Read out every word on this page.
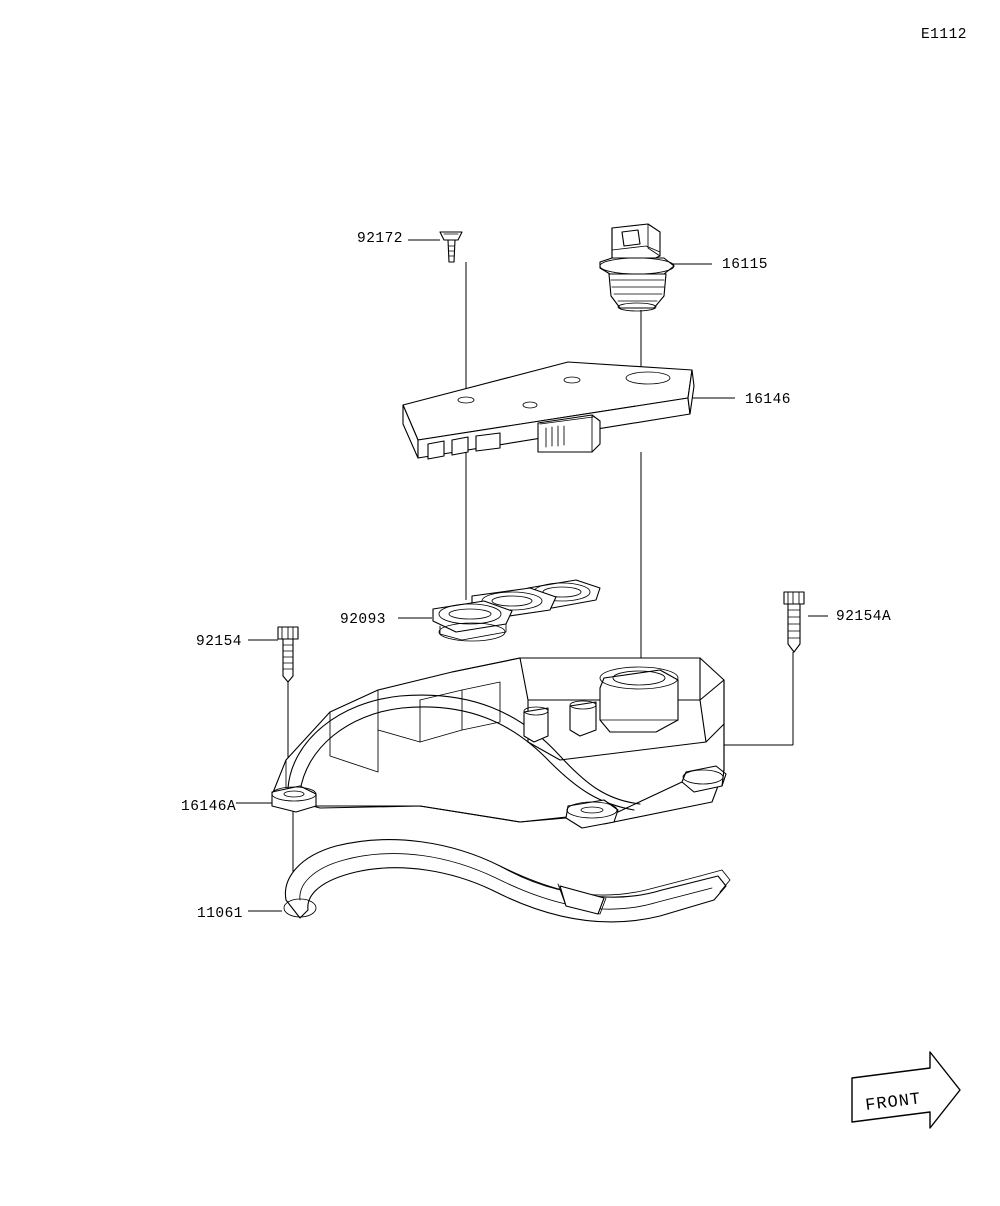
E1112
FRONT
92172
16115
16146
92093	92154A
92154
16146A
11061
